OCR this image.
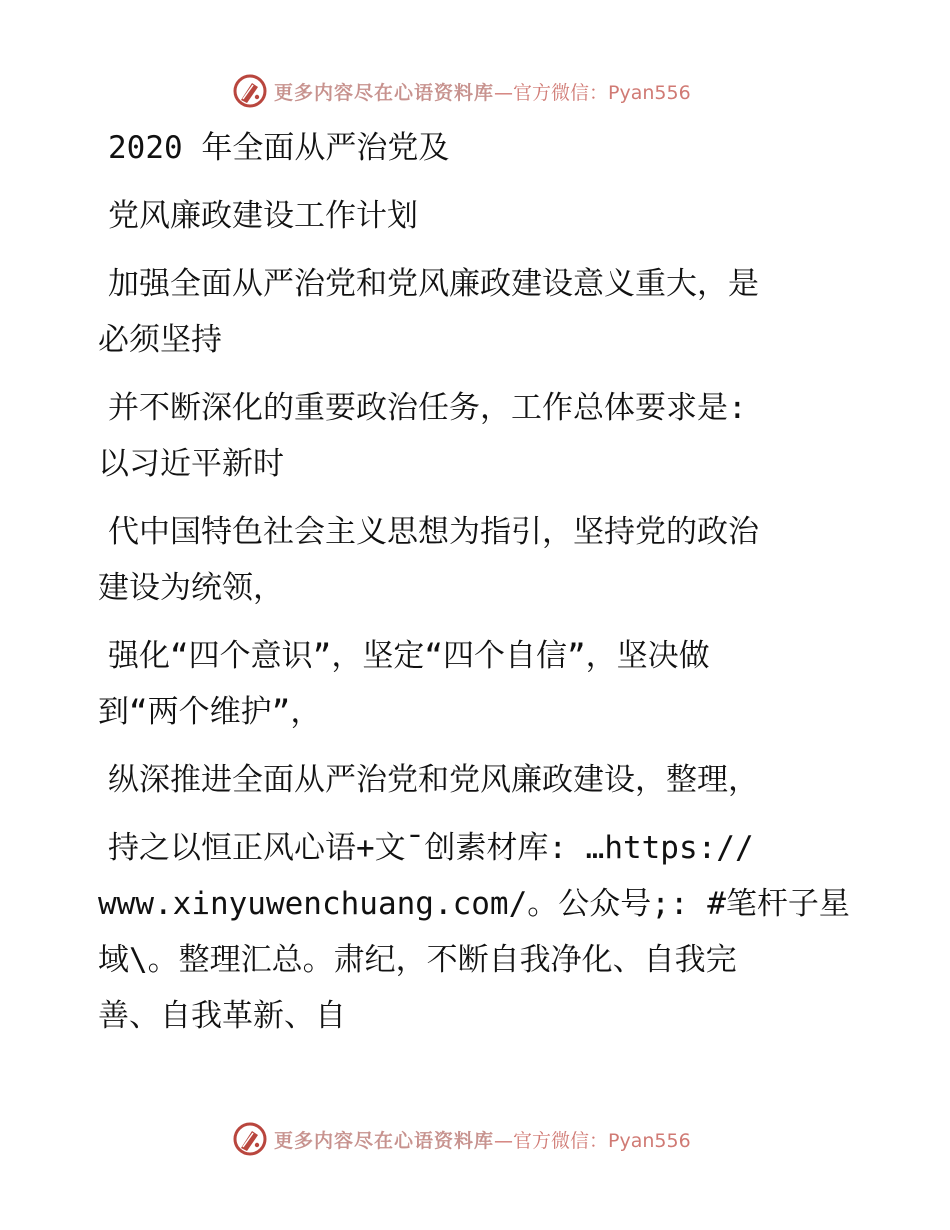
更多内容尽在心语资料库 —官方微信：Pyan556

2020 年全面从严治党及

党风廉政建设工作计划

加强全面从严治党和党风廉政建设意义重大，是

必须坚持

并不断深化的重要政治任务，工作总体要求是:

以习近平新时

代中国特色社会主义思想为指引，坚持党的政治

建设为统领，

强化“四个意识”，坚定“四个自信”，坚决做

到“两个维护”，

纵深推进全面从严治党和党风廉政建设，整理，

持之以恒正风心语+文¯创素材库: …https://

www.xinyuwenchuang.com/。公众号;: #笔杆子星

域\。整理汇总。肃纪，不断自我净化、自我完

善、自我革新、自

更多内容尽在心语资料库 —官方微信：Pyan556
